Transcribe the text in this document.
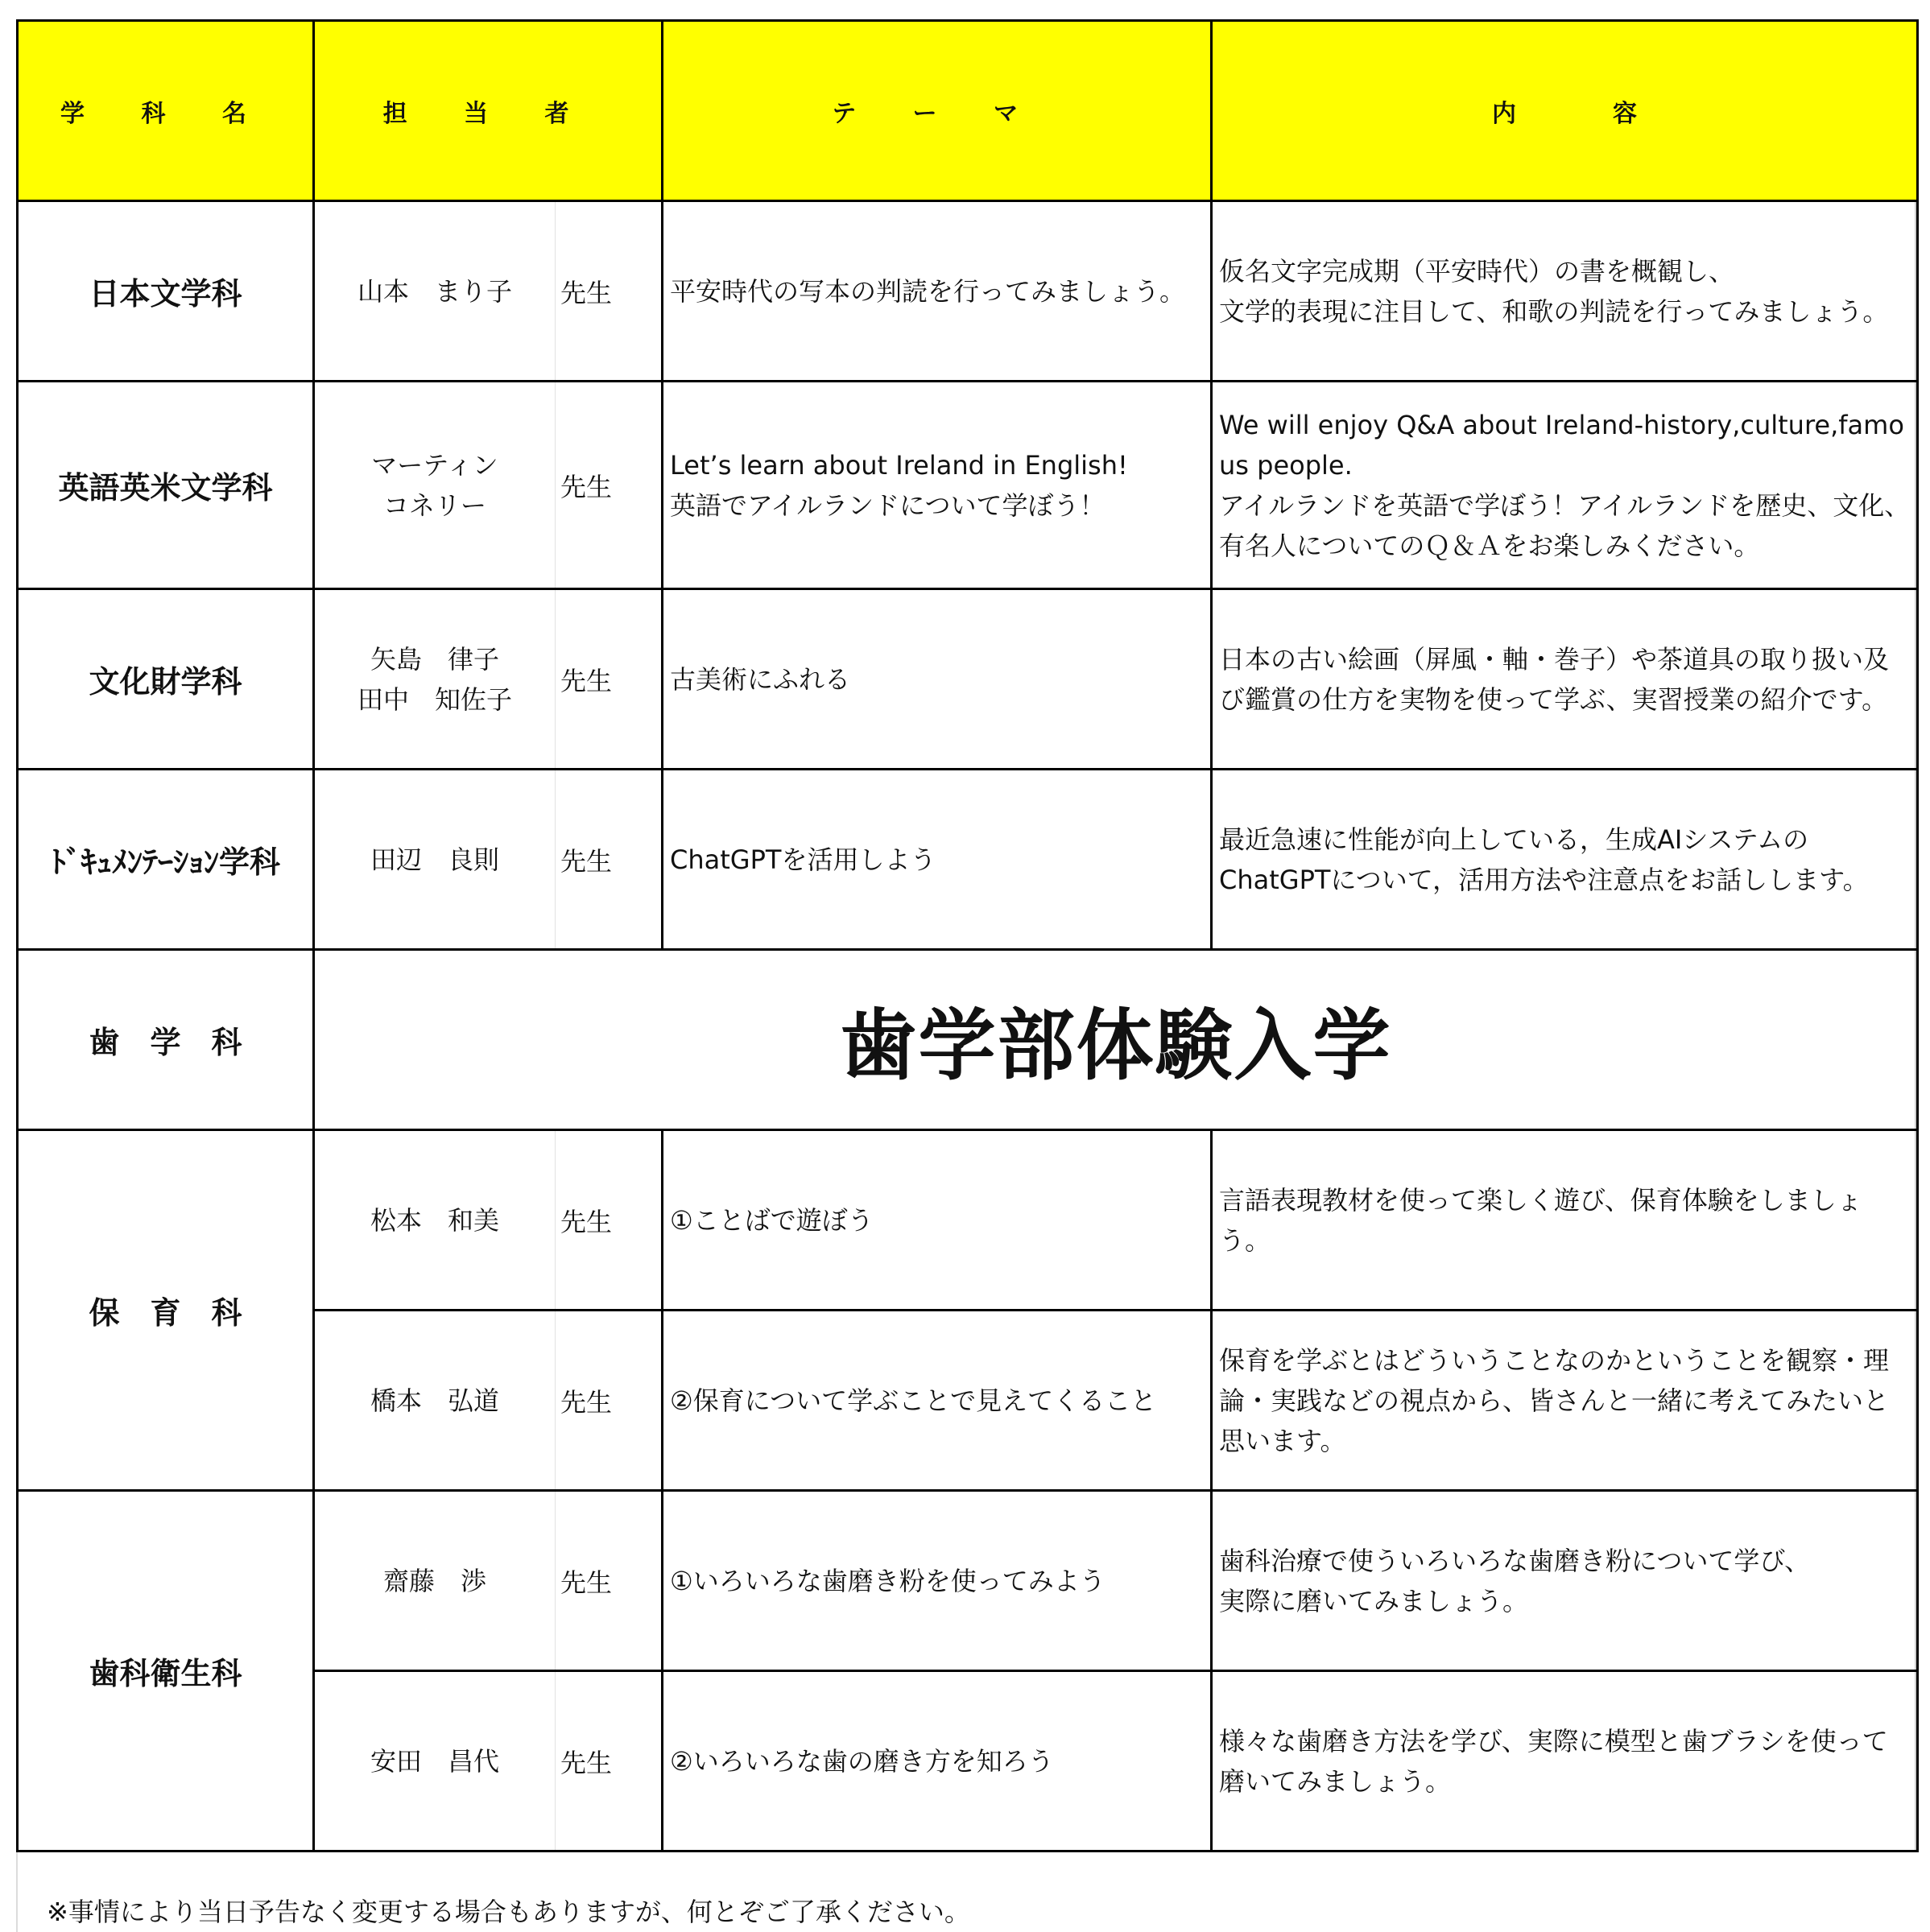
学 科 名	担 当 者		テ ー マ	内　　　　容
日本文学科	山本　まり子	先生	平安時代の写本の判読を行ってみましょう。	仮名文字完成期（平安時代）の書を概観し、
文学的表現に注目して、和歌の判読を行ってみましょう。

英語英米文学科	マーティン
コネリー	先生	Let’s learn about Ireland in English!
英語でアイルランドについて学ぼう！	We will enjoy Q&A about Ireland-history,culture,famous people.
アイルランドを英語で学ぼう！アイルランドを歴史、文化、有名人についてのＱ＆Ａをお楽しみください。

文化財学科	矢島　律子
田中　知佐子	先生	古美術にふれる	日本の古い絵画（屏風・軸・巻子）や茶道具の取り扱い及び鑑賞の仕方を実物を使って学ぶ、実習授業の紹介です。

ﾄﾞｷｭﾒﾝﾃｰｼｮﾝ学科	田辺　良則	先生	ChatGPTを活用しよう	最近急速に性能が向上している，生成AIシステムの
ChatGPTについて，活用方法や注意点をお話しします。

歯　学　科	歯学部体験入学			
保　育　科	松本　和美	先生	①ことばで遊ぼう	言語表現教材を使って楽しく遊び、保育体験をしましょう。

	橋本　弘道	先生	②保育について学ぶことで見えてくること	保育を学ぶとはどういうことなのかということを観察・理論・実践などの視点から、皆さんと一緒に考えてみたいと思います。

歯科衛生科	齋藤　渉	先生	①いろいろな歯磨き粉を使ってみよう	歯科治療で使ういろいろな歯磨き粉について学び、
実際に磨いてみましょう。

	安田　昌代	先生	②いろいろな歯の磨き方を知ろう	様々な歯磨き方法を学び、実際に模型と歯ブラシを使って磨いてみましょう。
※事情により当日予告なく変更する場合もありますが、何とぞご了承ください。
